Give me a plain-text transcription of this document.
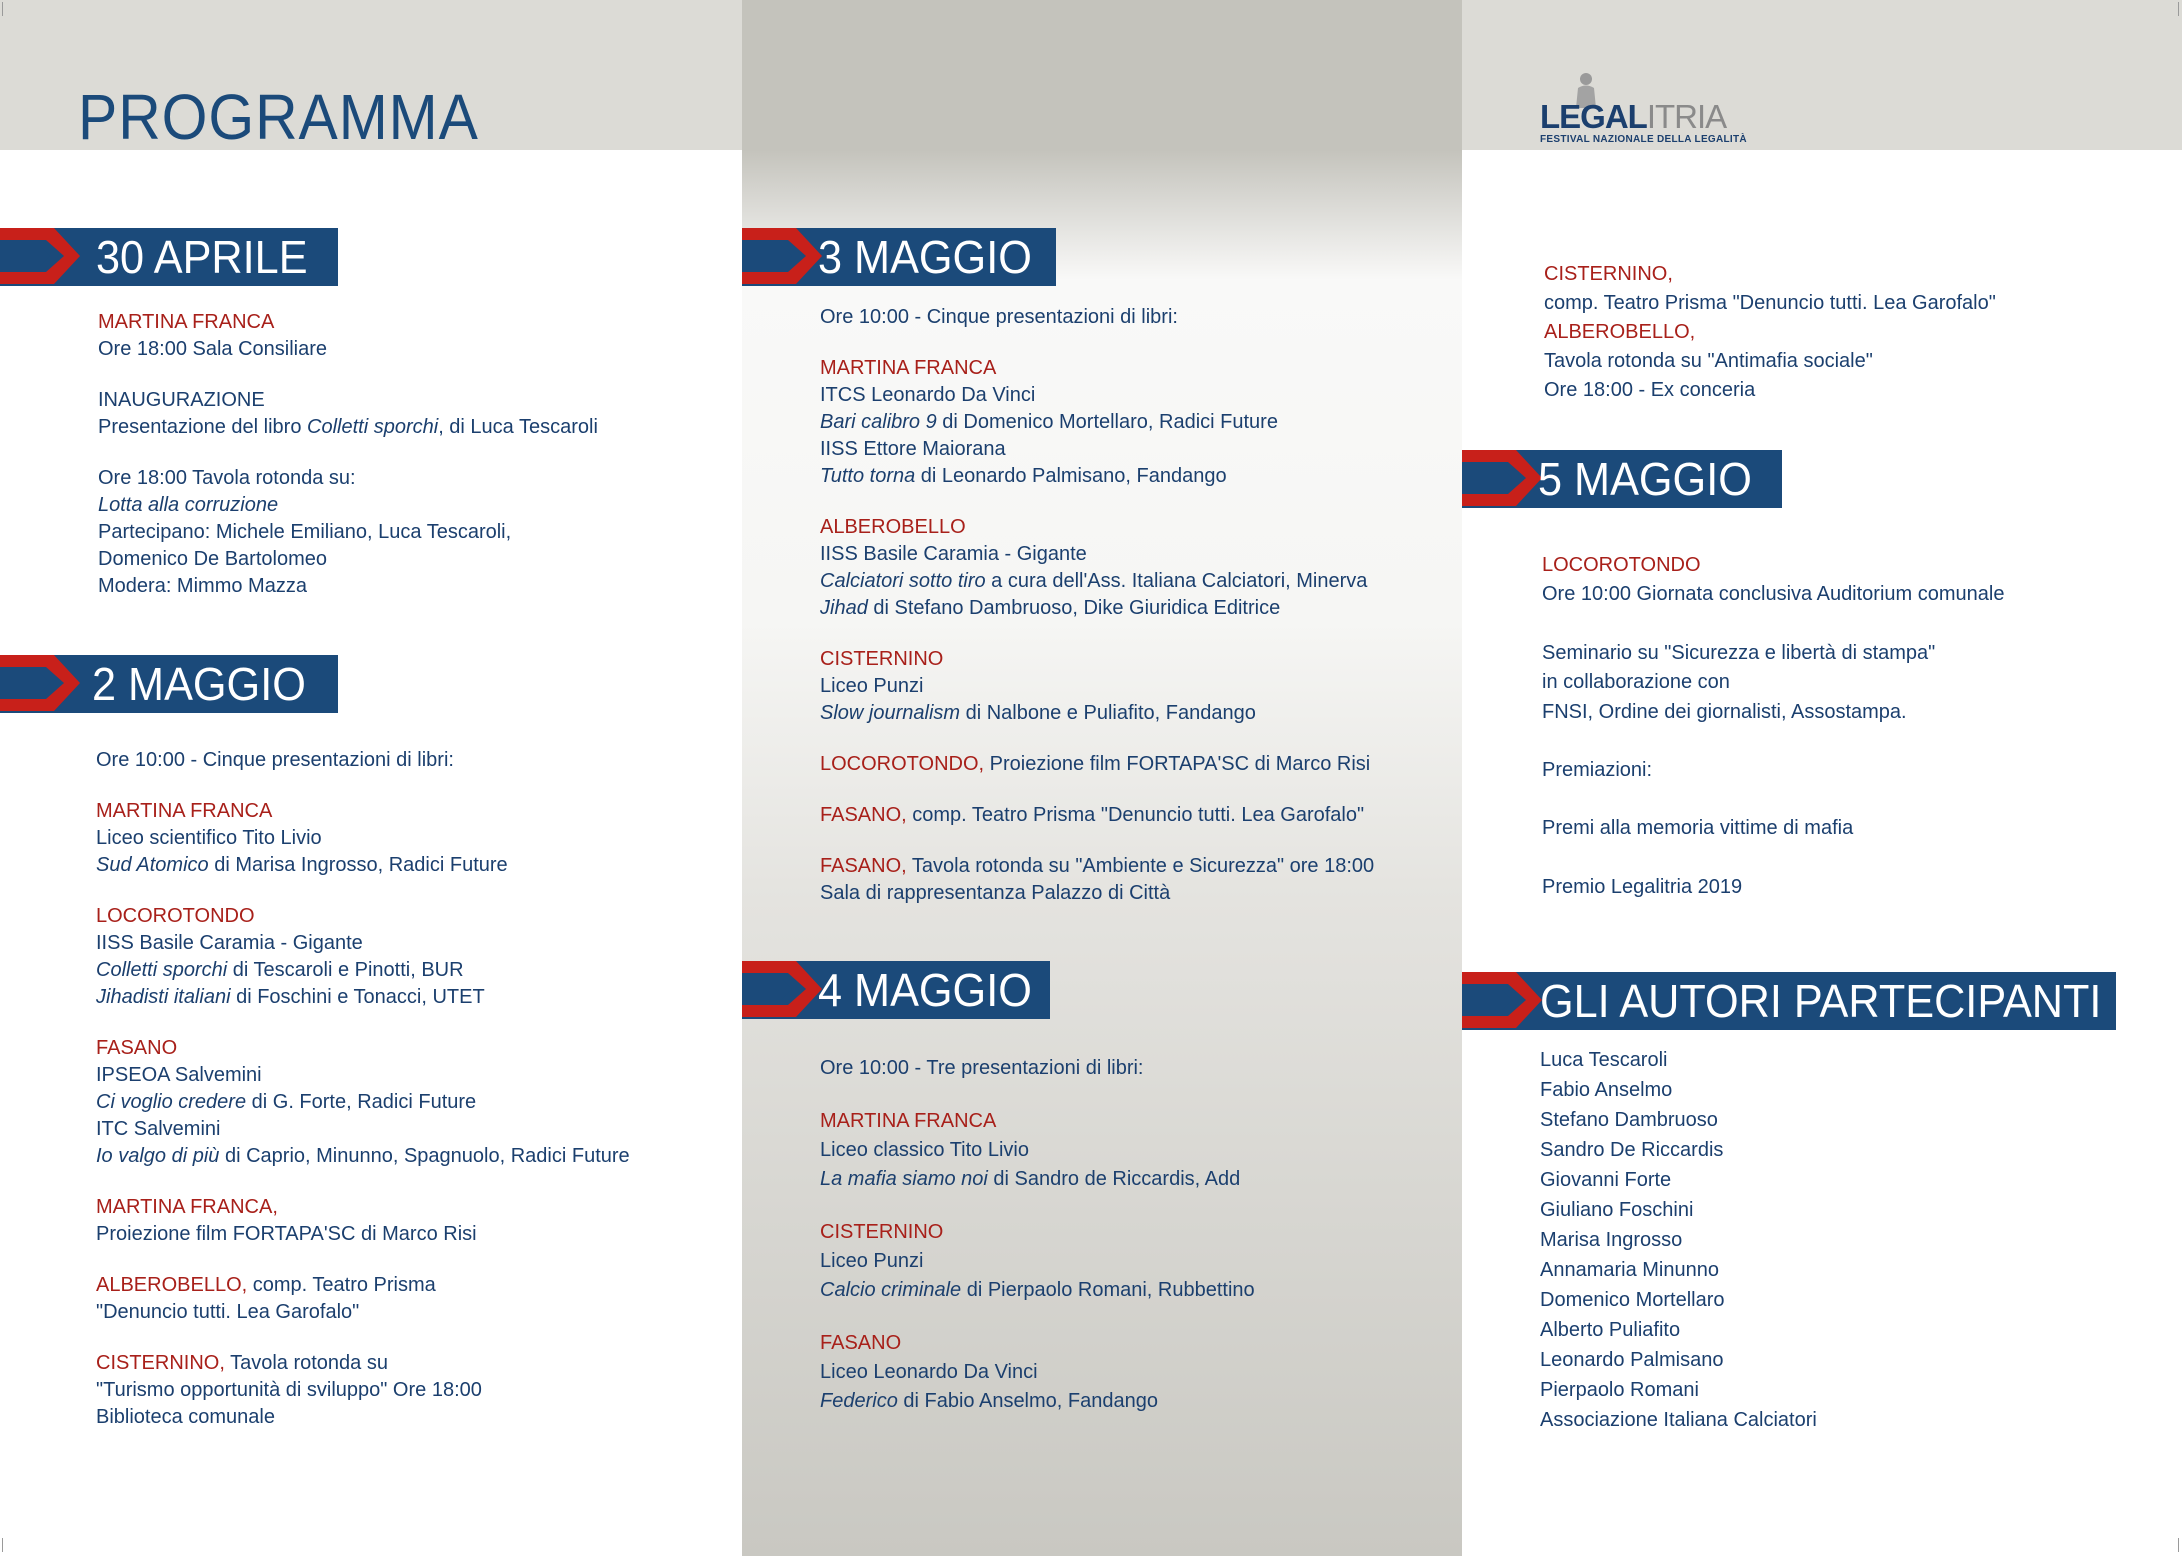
PROGRAMMA	LEGALITRIA
FESTIVAL NAZIONALE DELLA LEGALITÀ
30 APRILE
2 MAGGIO
3 MAGGIO
4 MAGGIO
5 MAGGIO
GLI AUTORI PARTECIPANTI
MARTINA FRANCA
Ore 18:00 Sala Consiliare
INAUGURAZIONE
Presentazione del libro Colletti sporchi, di Luca Tescaroli
Ore 18:00 Tavola rotonda su:
Lotta alla corruzione
Partecipano: Michele Emiliano, Luca Tescaroli,
Domenico De Bartolomeo
Modera: Mimmo Mazza
Ore 10:00 - Cinque presentazioni di libri:
MARTINA FRANCA
Liceo scientifico Tito Livio
Sud Atomico di Marisa Ingrosso, Radici Future
LOCOROTONDO
IISS Basile Caramia - Gigante
Colletti sporchi di Tescaroli e Pinotti, BUR
Jihadisti italiani di Foschini e Tonacci, UTET
FASANO
IPSEOA Salvemini
Ci voglio credere di G. Forte, Radici Future
ITC Salvemini
Io valgo di più di Caprio, Minunno, Spagnuolo, Radici Future
MARTINA FRANCA,
Proiezione film FORTAPA'SC di Marco Risi
ALBEROBELLO, comp. Teatro Prisma
"Denuncio tutti. Lea Garofalo"
CISTERNINO, Tavola rotonda su
"Turismo opportunità di sviluppo" Ore 18:00
Biblioteca comunale
Ore 10:00 - Cinque presentazioni di libri:
MARTINA FRANCA
ITCS Leonardo Da Vinci
Bari calibro 9 di Domenico Mortellaro, Radici Future
IISS Ettore Maiorana
Tutto torna di Leonardo Palmisano, Fandango
ALBEROBELLO
IISS Basile Caramia - Gigante
Calciatori sotto tiro a cura dell'Ass. Italiana Calciatori, Minerva
Jihad di Stefano Dambruoso, Dike Giuridica Editrice
CISTERNINO
Liceo Punzi
Slow journalism di Nalbone e Puliafito, Fandango
LOCOROTONDO, Proiezione film FORTAPA'SC di Marco Risi
FASANO, comp. Teatro Prisma "Denuncio tutti. Lea Garofalo"
FASANO, Tavola rotonda su "Ambiente e Sicurezza" ore 18:00
Sala di rappresentanza Palazzo di Città
Ore 10:00 - Tre presentazioni di libri:
MARTINA FRANCA
Liceo classico Tito Livio
La mafia siamo noi di Sandro de Riccardis, Add
CISTERNINO
Liceo Punzi
Calcio criminale di Pierpaolo Romani, Rubbettino
FASANO
Liceo Leonardo Da Vinci
Federico di Fabio Anselmo, Fandango
CISTERNINO,
comp. Teatro Prisma "Denuncio tutti. Lea Garofalo"
ALBEROBELLO,
Tavola rotonda su "Antimafia sociale"
Ore 18:00 - Ex conceria
LOCOROTONDO
Ore 10:00 Giornata conclusiva Auditorium comunale
Seminario su "Sicurezza e libertà di stampa"
in collaborazione con
FNSI, Ordine dei giornalisti, Assostampa.
Premiazioni:
Premi alla memoria vittime di mafia
Premio Legalitria 2019
Luca Tescaroli
Fabio Anselmo
Stefano Dambruoso
Sandro De Riccardis
Giovanni Forte
Giuliano Foschini
Marisa Ingrosso
Annamaria Minunno
Domenico Mortellaro
Alberto Puliafito
Leonardo Palmisano
Pierpaolo Romani
Associazione Italiana Calciatori
